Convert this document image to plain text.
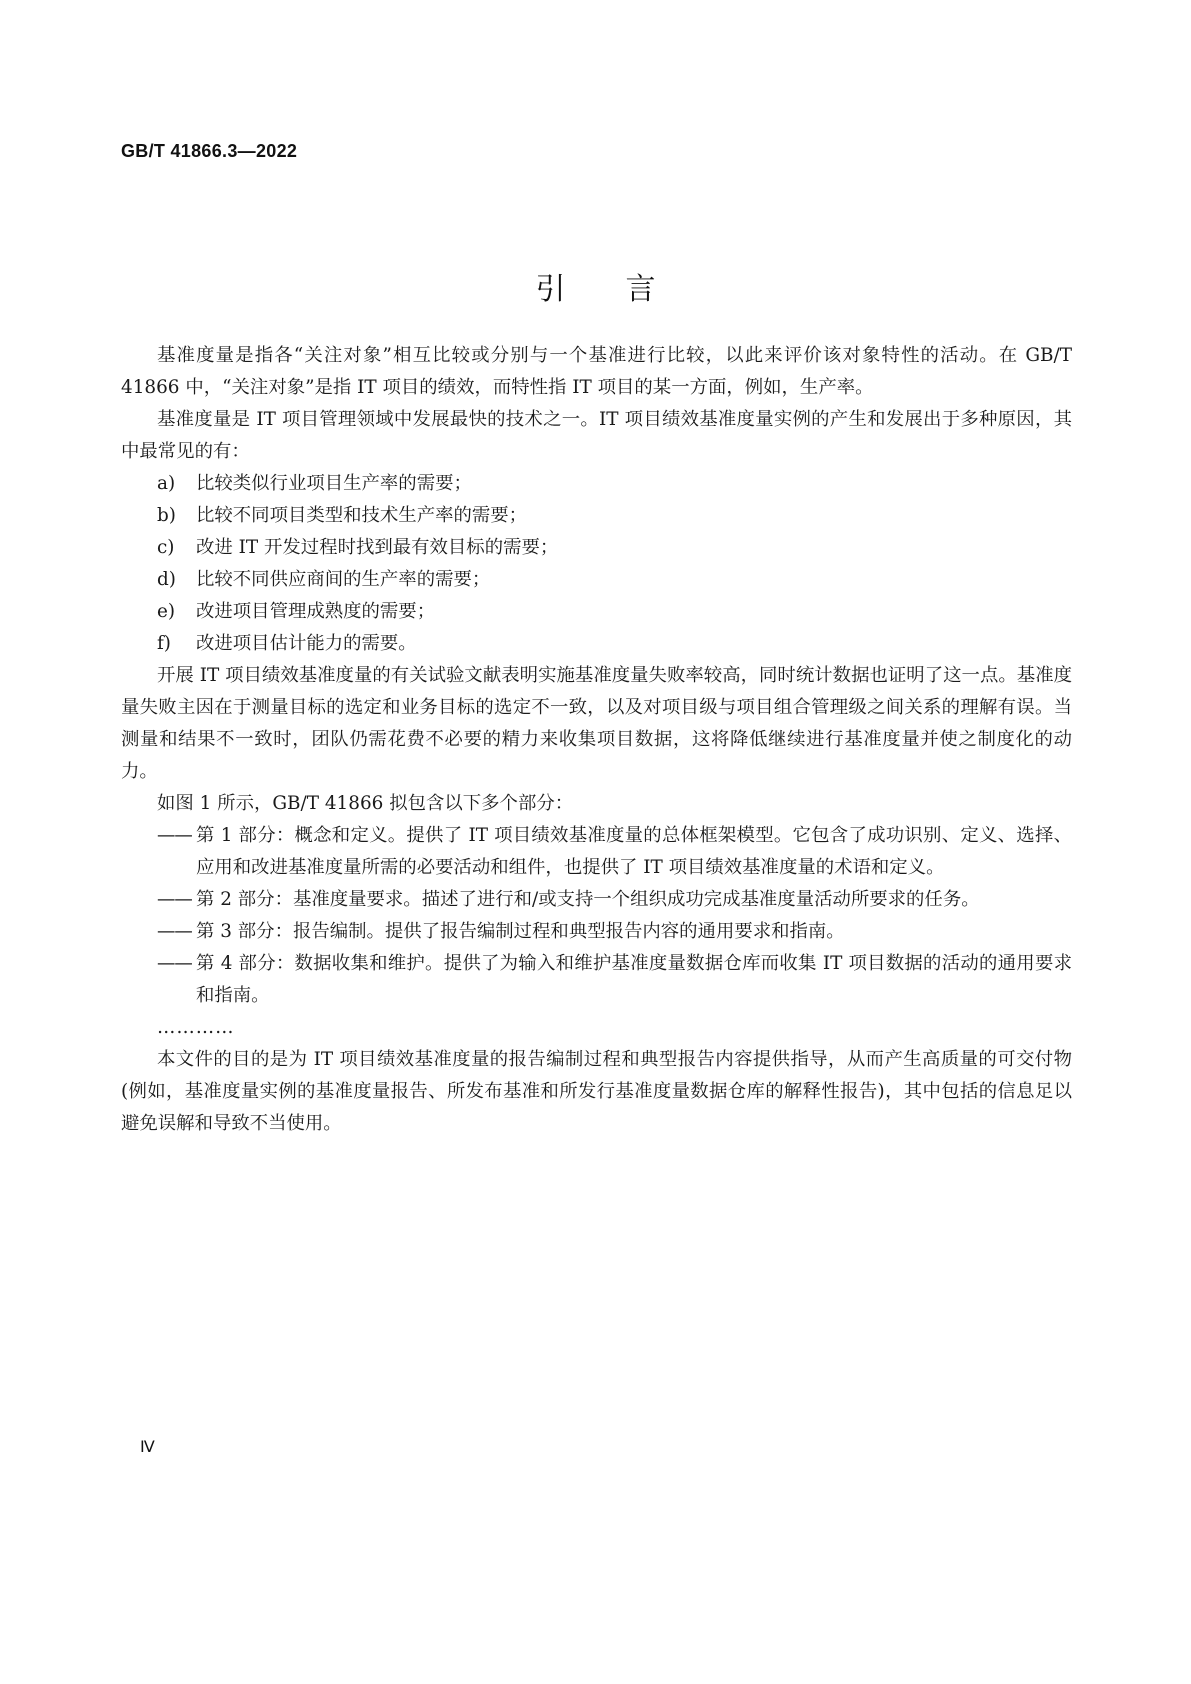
GB/T 41866.3—2022
引言

基准度量是指各“关注对象”相互比较或分别与一个基准进行比较，以此来评价该对象特性的活动。在 GB/T 41866 中，“关注对象”是指 IT 项目的绩效，而特性指 IT 项目的某一方面，例如，生产率。

基准度量是 IT 项目管理领域中发展最快的技术之一。IT 项目绩效基准度量实例的产生和发展出于多种原因，其中最常见的有：

a) 比较类似行业项目生产率的需要；

b) 比较不同项目类型和技术生产率的需要；

c) 改进 IT 开发过程时找到最有效目标的需要；

d) 比较不同供应商间的生产率的需要；

e) 改进项目管理成熟度的需要；

f) 改进项目估计能力的需要。

开展 IT 项目绩效基准度量的有关试验文献表明实施基准度量失败率较高，同时统计数据也证明了这一点。基准度量失败主因在于测量目标的选定和业务目标的选定不一致，以及对项目级与项目组合管理级之间关系的理解有误。当测量和结果不一致时，团队仍需花费不必要的精力来收集项目数据，这将降低继续进行基准度量并使之制度化的动力。

如图 1 所示，GB/T 41866 拟包含以下多个部分：

—— 第 1 部分：概念和定义。提供了 IT 项目绩效基准度量的总体框架模型。它包含了成功识别、定义、选择、应用和改进基准度量所需的必要活动和组件，也提供了 IT 项目绩效基准度量的术语和定义。

—— 第 2 部分：基准度量要求。描述了进行和/或支持一个组织成功完成基准度量活动所要求的任务。

—— 第 3 部分：报告编制。提供了报告编制过程和典型报告内容的通用要求和指南。

—— 第 4 部分：数据收集和维护。提供了为输入和维护基准度量数据仓库而收集 IT 项目数据的活动的通用要求和指南。

…………

本文件的目的是为 IT 项目绩效基准度量的报告编制过程和典型报告内容提供指导，从而产生高质量的可交付物(例如，基准度量实例的基准度量报告、所发布基准和所发行基准度量数据仓库的解释性报告)，其中包括的信息足以避免误解和导致不当使用。

Ⅳ
